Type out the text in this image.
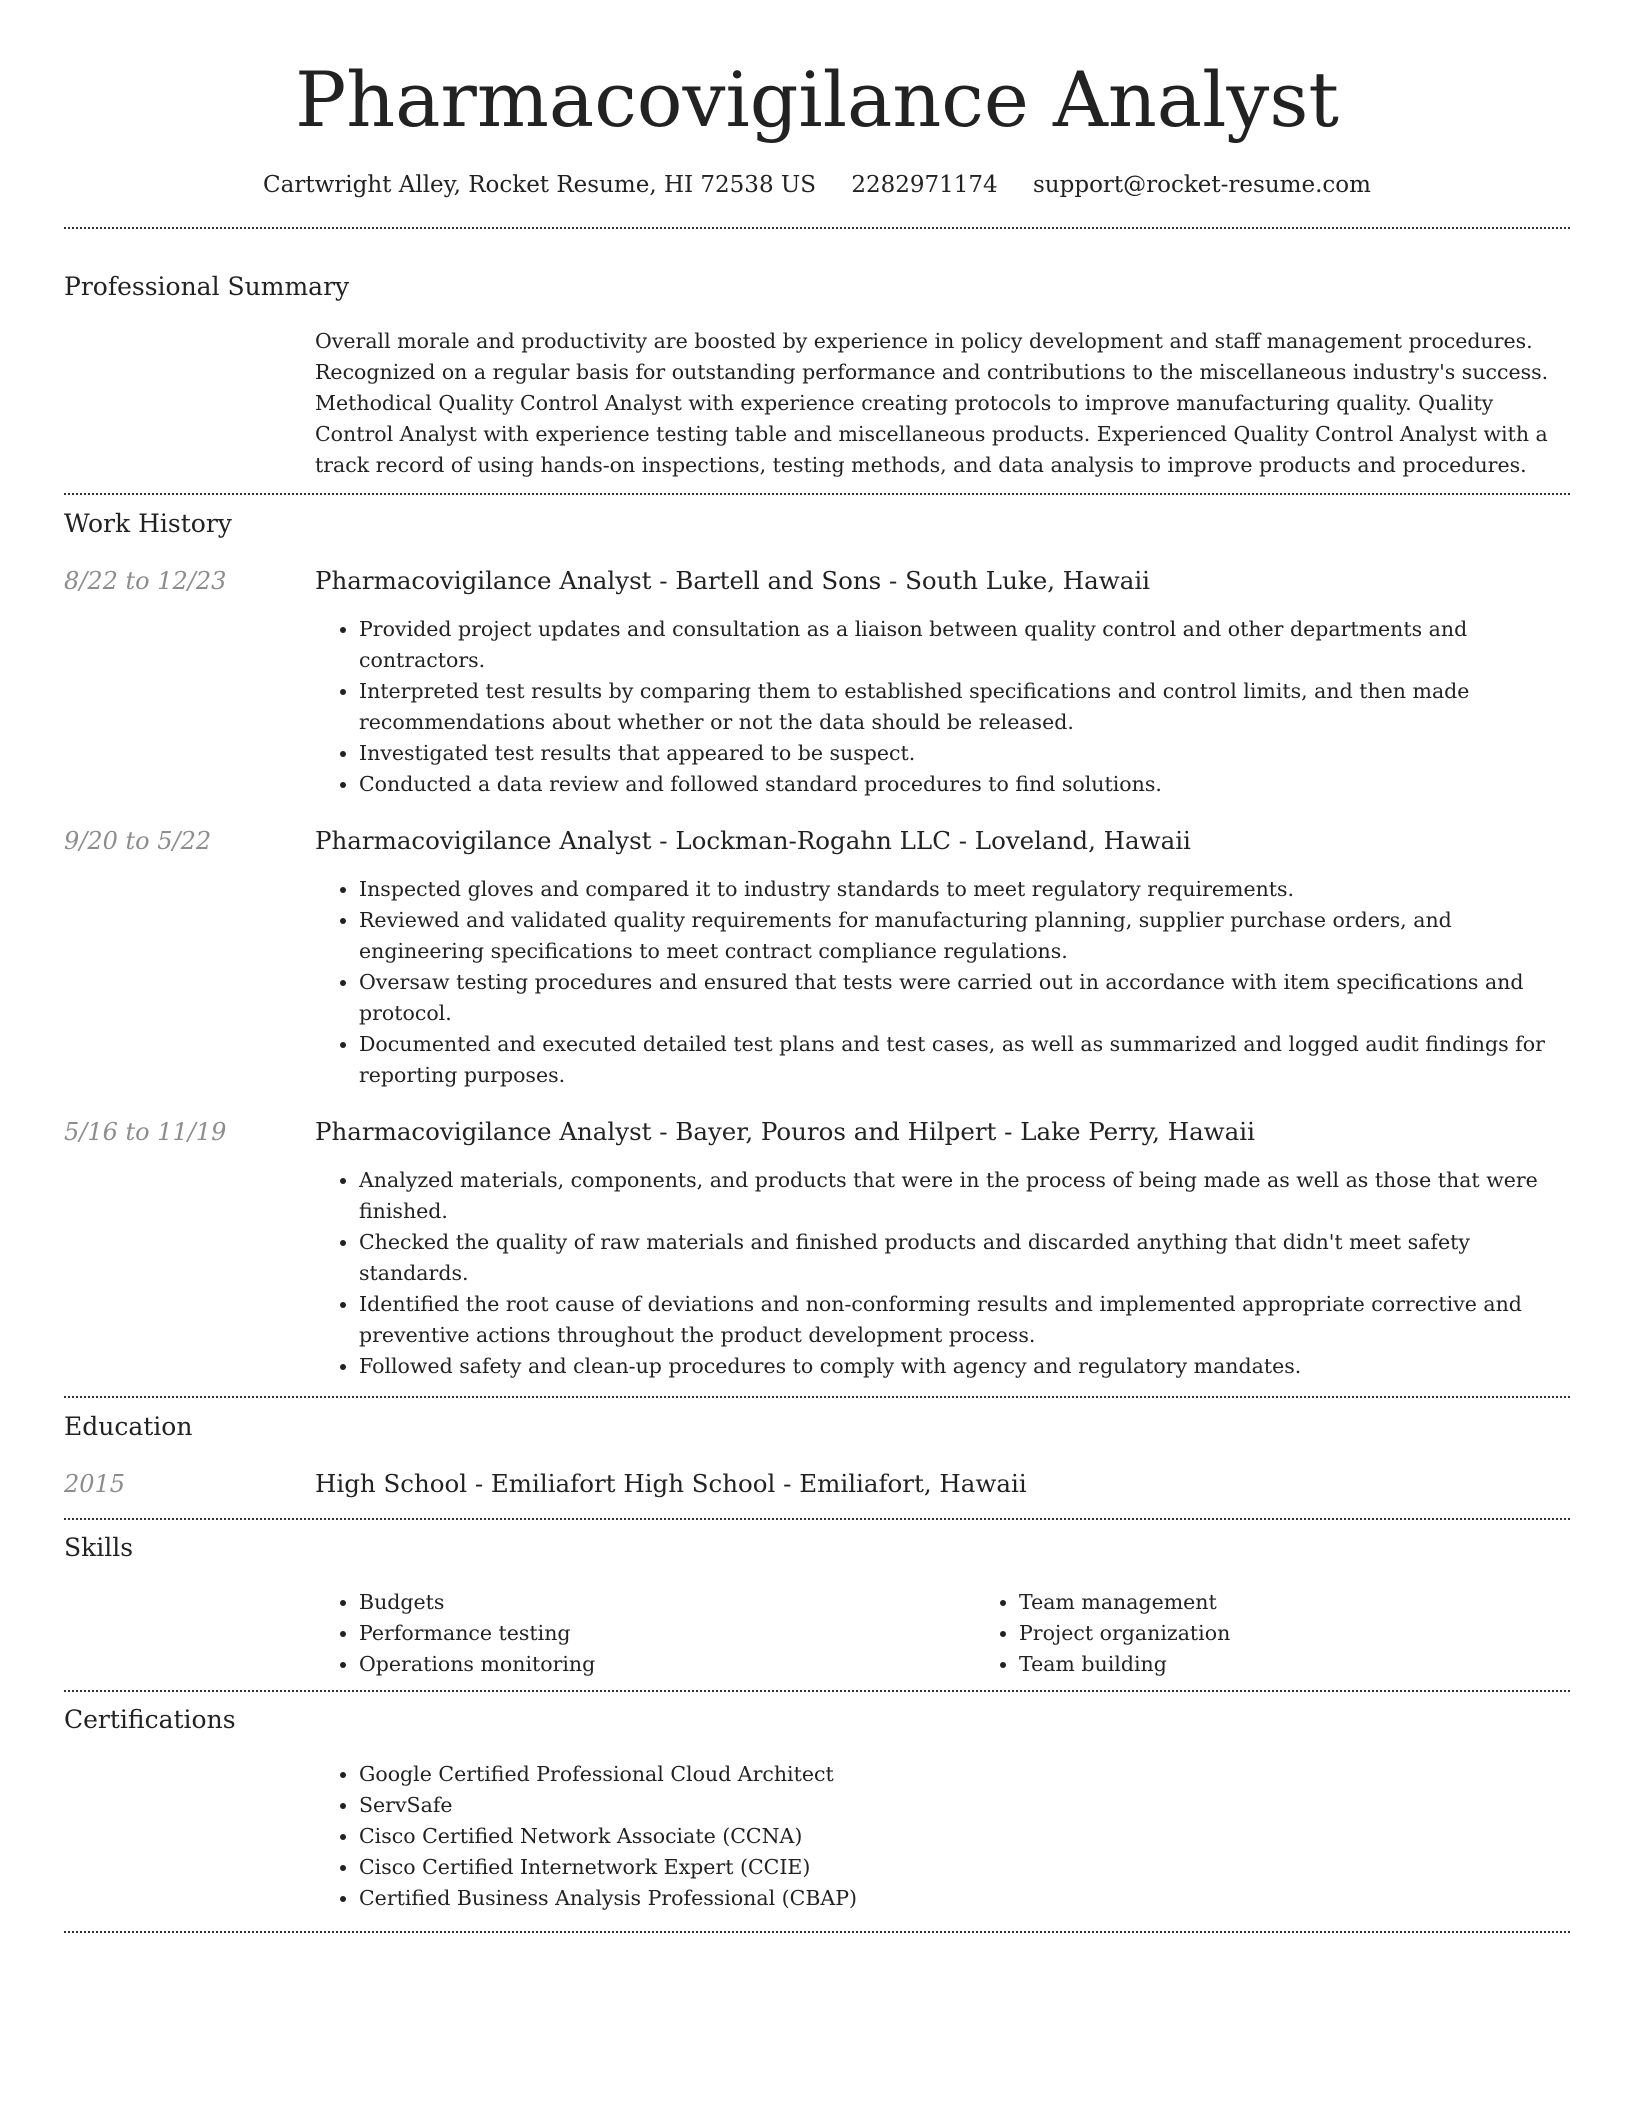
Pharmacovigilance Analyst
Cartwright Alley, Rocket Resume, HI 72538 US 2282971174 support@rocket-resume.com
Professional Summary

Overall morale and productivity are boosted by experience in policy development and staff management procedures. Recognized on a regular basis for outstanding performance and contributions to the miscellaneous industry's success. Methodical Quality Control Analyst with experience creating protocols to improve manufacturing quality. Quality Control Analyst with experience testing table and miscellaneous products. Experienced Quality Control Analyst with a track record of using hands-on inspections, testing methods, and data analysis to improve products and procedures.

Work History
8/22 to 12/23	Pharmacovigilance Analyst - Bartell and Sons - South Luke, Hawaii
• Provided project updates and consultation as a liaison between quality control and other departments and contractors.
• Interpreted test results by comparing them to established specifications and control limits, and then made recommendations about whether or not the data should be released.
• Investigated test results that appeared to be suspect.
• Conducted a data review and followed standard procedures to find solutions.
9/20 to 5/22	Pharmacovigilance Analyst - Lockman-Rogahn LLC - Loveland, Hawaii
• Inspected gloves and compared it to industry standards to meet regulatory requirements.
• Reviewed and validated quality requirements for manufacturing planning, supplier purchase orders, and engineering specifications to meet contract compliance regulations.
• Oversaw testing procedures and ensured that tests were carried out in accordance with item specifications and protocol.
• Documented and executed detailed test plans and test cases, as well as summarized and logged audit findings for reporting purposes.
5/16 to 11/19	Pharmacovigilance Analyst - Bayer, Pouros and Hilpert - Lake Perry, Hawaii
• Analyzed materials, components, and products that were in the process of being made as well as those that were finished.
• Checked the quality of raw materials and finished products and discarded anything that didn't meet safety standards.
• Identified the root cause of deviations and non-conforming results and implemented appropriate corrective and preventive actions throughout the product development process.
• Followed safety and clean-up procedures to comply with agency and regulatory mandates.
Education
2015	High School - Emiliafort High School - Emiliafort, Hawaii
Skills
• Budgets
• Performance testing
• Operations monitoring
• Team management
• Project organization
• Team building
Certifications
• Google Certified Professional Cloud Architect
• ServSafe
• Cisco Certified Network Associate (CCNA)
• Cisco Certified Internetwork Expert (CCIE)
• Certified Business Analysis Professional (CBAP)
